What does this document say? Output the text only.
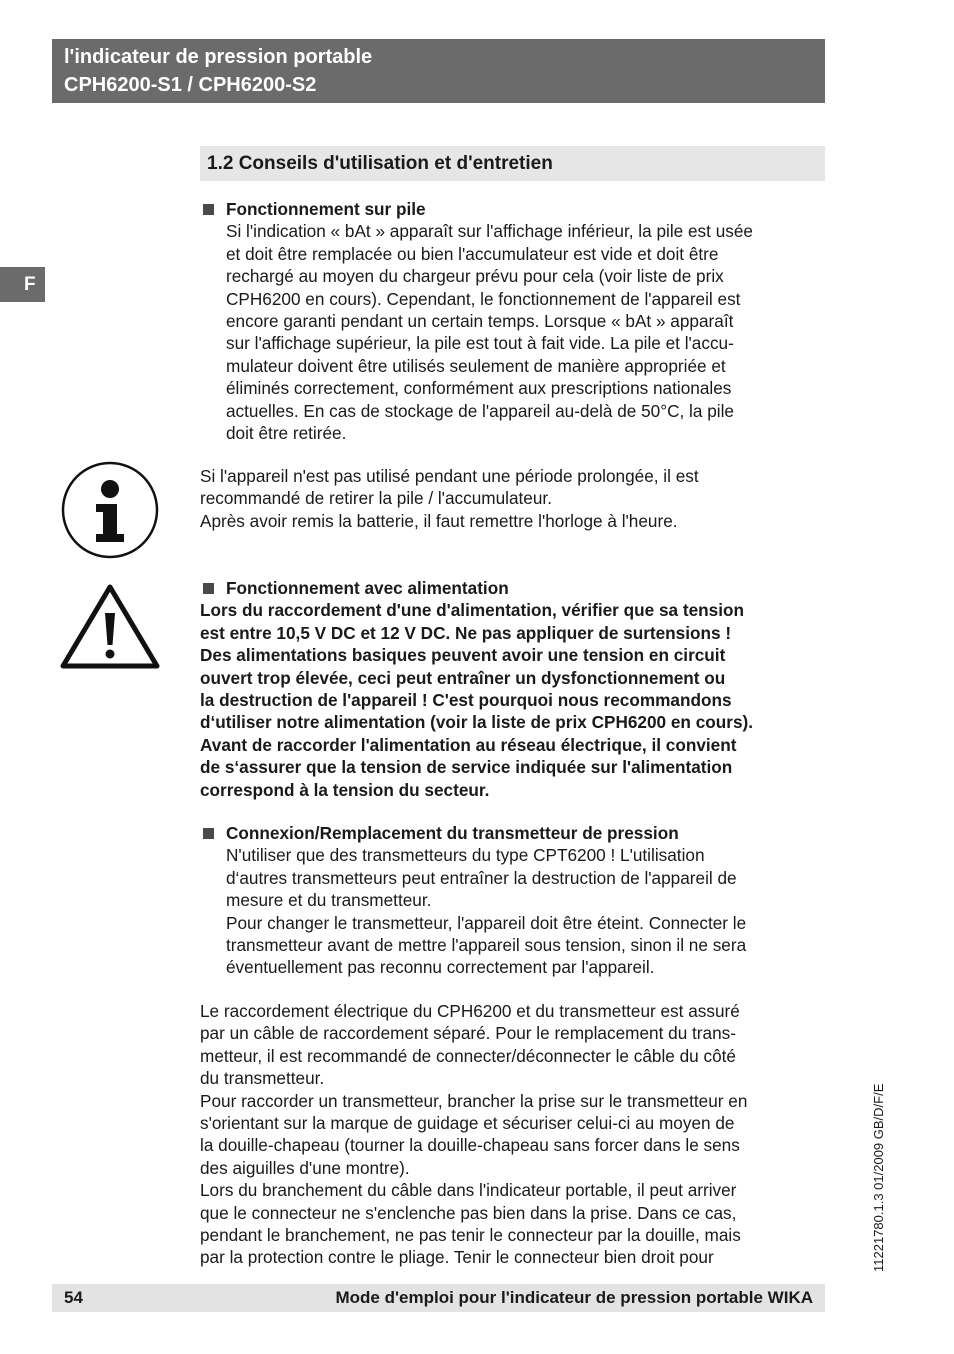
l'indicateur de pression portable
CPH6200-S1 / CPH6200-S2
F
1.2 Conseils d'utilisation et d'entretien
Fonctionnement sur pile

Si l'indication « bAt » apparaît sur l'affichage inférieur, la pile est usée

et doit être remplacée ou bien l'accumulateur est vide et doit être

rechargé au moyen du chargeur prévu pour cela (voir liste de prix

CPH6200 en cours). Cependant, le fonctionnement de l'appareil est

encore garanti pendant un certain temps. Lorsque « bAt » apparaît

sur l'affichage supérieur, la pile est tout à fait vide. La pile et l'accu-

mulateur doivent être utilisés seulement de manière appropriée et

éliminés correctement, conformément aux prescriptions nationales

actuelles. En cas de stockage de l'appareil au-delà de 50°C, la pile

doit être retirée.

Si l'appareil n'est pas utilisé pendant une période prolongée, il est

recommandé de retirer la pile / l'accumulateur.

Après avoir remis la batterie, il faut remettre l'horloge à l'heure.

Fonctionnement avec alimentation

Lors du raccordement d'une d'alimentation, vérifier que sa tension

est entre 10,5 V DC et 12 V DC. Ne pas appliquer de surtensions !

Des alimentations basiques peuvent avoir une tension en circuit

ouvert trop élevée, ceci peut entraîner un dysfonctionnement ou

la destruction de l'appareil ! C'est pourquoi nous recommandons

d‘utiliser notre alimentation (voir la liste de prix CPH6200 en cours).

Avant de raccorder l'alimentation au réseau électrique, il convient

de s‘assurer que la tension de service indiquée sur l'alimentation

correspond à la tension du secteur.

Connexion/Remplacement du transmetteur de pression

N'utiliser que des transmetteurs du type CPT6200 ! L'utilisation

d‘autres transmetteurs peut entraîner la destruction de l'appareil de

mesure et du transmetteur.

Pour changer le transmetteur, l'appareil doit être éteint. Connecter le

transmetteur avant de mettre l'appareil sous tension, sinon il ne sera

éventuellement pas reconnu correctement par l'appareil.

Le raccordement électrique du CPH6200 et du transmetteur est assuré

par un câble de raccordement séparé. Pour le remplacement du trans-

metteur, il est recommandé de connecter/déconnecter le câble du côté

du transmetteur.

Pour raccorder un transmetteur, brancher la prise sur le transmetteur en

s'orientant sur la marque de guidage et sécuriser celui-ci au moyen de

la douille-chapeau (tourner la douille-chapeau sans forcer dans le sens

des aiguilles d'une montre).

Lors du branchement du câble dans l'indicateur portable, il peut arriver

que le connecteur ne s'enclenche pas bien dans la prise. Dans ce cas,

pendant le branchement, ne pas tenir le connecteur par la douille, mais

par la protection contre le pliage. Tenir le connecteur bien droit pour	11221780.1.3 01/2009 GB/D/F/E
54	Mode d'emploi pour l'indicateur de pression portable WIKA
